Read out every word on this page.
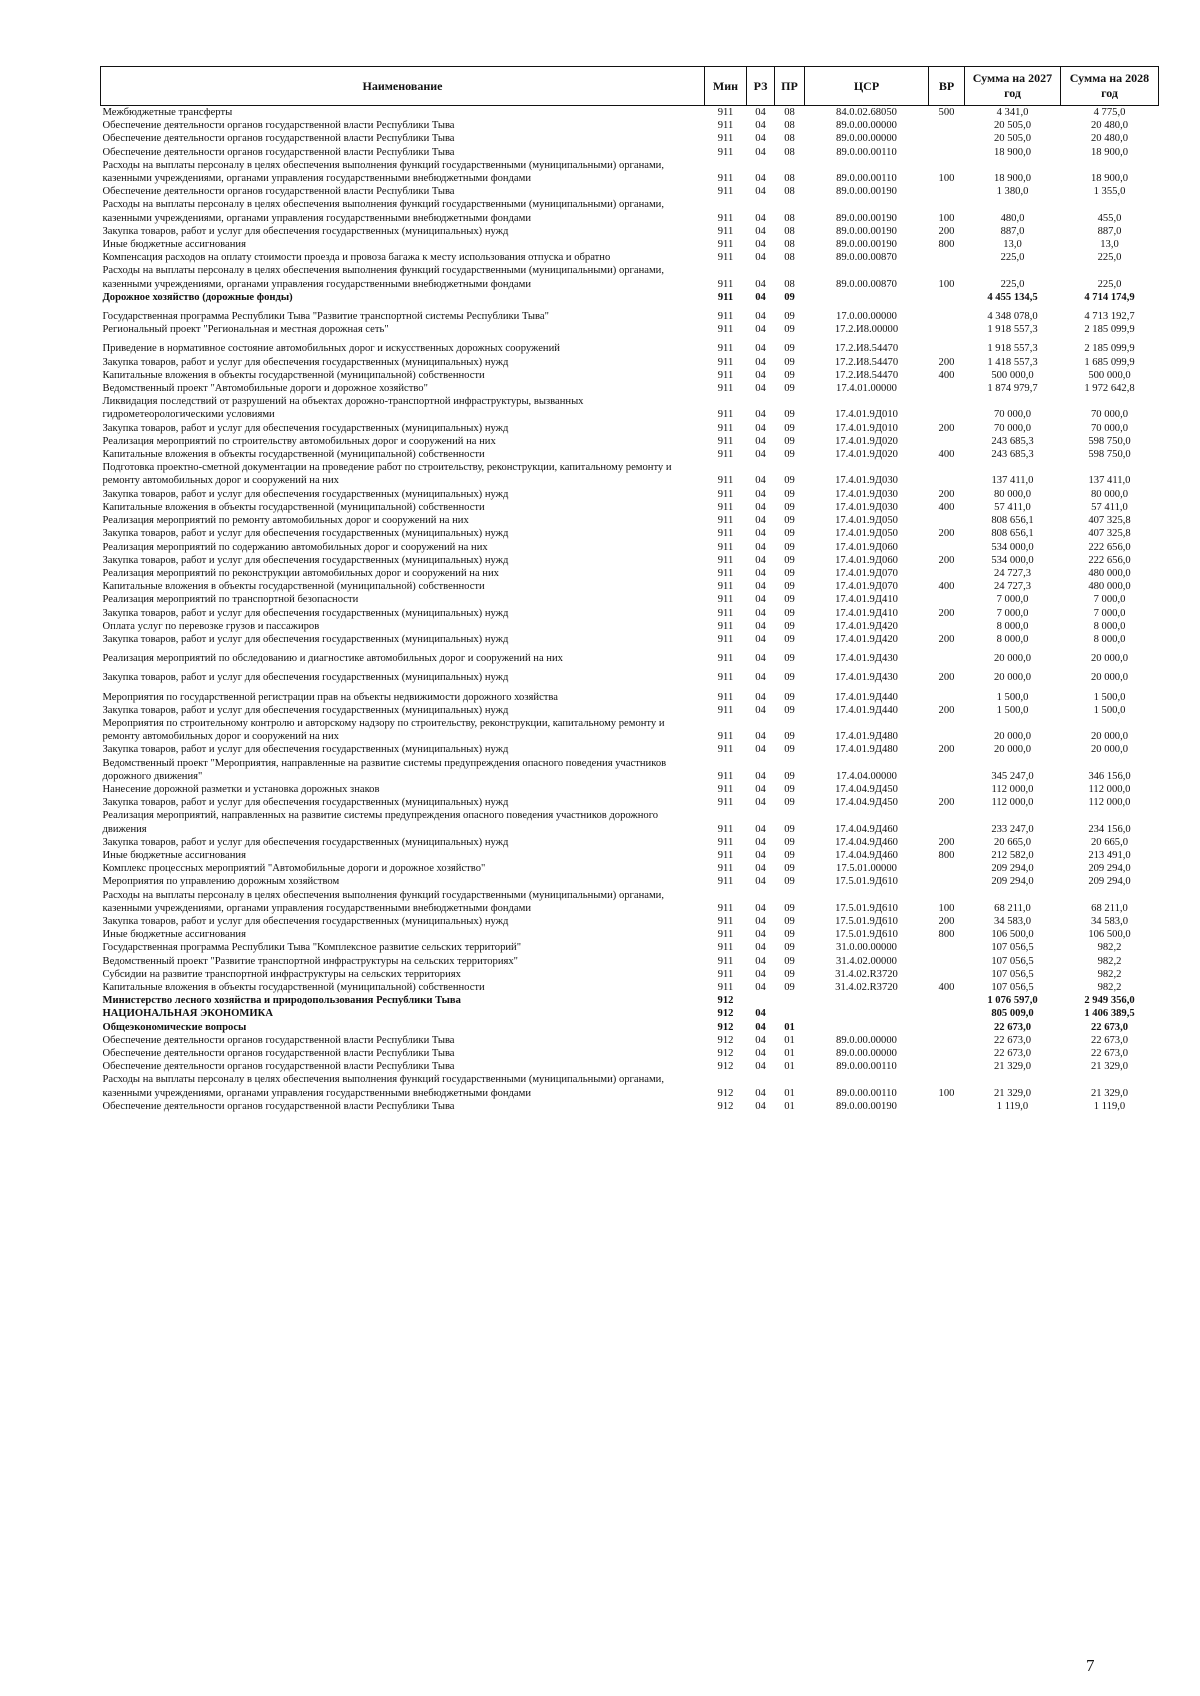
Наименование	Мин	РЗ	ПР	ЦСР	ВР	Сумма на 2027 год	Сумма на 2028 год
Межбюджетные трансферты	911	04	08	84.0.02.68050	500	4 341,0	4 775,0
Обеспечение деятельности органов государственной власти Республики Тыва	911	04	08	89.0.00.00000		20 505,0	20 480,0
Обеспечение деятельности органов государственной власти Республики Тыва	911	04	08	89.0.00.00000		20 505,0	20 480,0
Обеспечение деятельности органов государственной власти Республики Тыва	911	04	08	89.0.00.00110		18 900,0	18 900,0
Расходы на выплаты персоналу в целях обеспечения выполнения функций государственными (муниципальными) органами, казенными учреждениями, органами управления государственными внебюджетными фондами	911	04	08	89.0.00.00110	100	18 900,0	18 900,0
Обеспечение деятельности органов государственной власти Республики Тыва	911	04	08	89.0.00.00190		1 380,0	1 355,0
Расходы на выплаты персоналу в целях обеспечения выполнения функций государственными (муниципальными) органами, казенными учреждениями, органами управления государственными внебюджетными фондами	911	04	08	89.0.00.00190	100	480,0	455,0
Закупка товаров, работ и услуг для обеспечения государственных (муниципальных) нужд	911	04	08	89.0.00.00190	200	887,0	887,0
Иные бюджетные ассигнования	911	04	08	89.0.00.00190	800	13,0	13,0
Компенсация расходов на оплату стоимости проезда и провоза багажа к месту использования отпуска и обратно	911	04	08	89.0.00.00870		225,0	225,0
Расходы на выплаты персоналу в целях обеспечения выполнения функций государственными (муниципальными) органами, казенными учреждениями, органами управления государственными внебюджетными фондами	911	04	08	89.0.00.00870	100	225,0	225,0
Дорожное хозяйство (дорожные фонды)	911	04	09			4 455 134,5	4 714 174,9
Государственная программа Республики Тыва "Развитие транспортной системы Республики Тыва"	911	04	09	17.0.00.00000		4 348 078,0	4 713 192,7
Региональный проект "Региональная и местная дорожная сеть"	911	04	09	17.2.И8.00000		1 918 557,3	2 185 099,9
Приведение в нормативное состояние автомобильных дорог и искусственных дорожных сооружений	911	04	09	17.2.И8.54470		1 918 557,3	2 185 099,9
Закупка товаров, работ и услуг для обеспечения государственных (муниципальных) нужд	911	04	09	17.2.И8.54470	200	1 418 557,3	1 685 099,9
Капитальные вложения в объекты государственной (муниципальной) собственности	911	04	09	17.2.И8.54470	400	500 000,0	500 000,0
Ведомственный проект "Автомобильные дороги и дорожное хозяйство"	911	04	09	17.4.01.00000		1 874 979,7	1 972 642,8
Ликвидация последствий от разрушений на объектах дорожно-транспортной инфраструктуры, вызванных гидрометеорологическими условиями	911	04	09	17.4.01.9Д010		70 000,0	70 000,0
Закупка товаров, работ и услуг для обеспечения государственных (муниципальных) нужд	911	04	09	17.4.01.9Д010	200	70 000,0	70 000,0
Реализация мероприятий по строительству автомобильных дорог и сооружений на них	911	04	09	17.4.01.9Д020		243 685,3	598 750,0
Капитальные вложения в объекты государственной (муниципальной) собственности	911	04	09	17.4.01.9Д020	400	243 685,3	598 750,0
Подготовка проектно-сметной документации на проведение работ по строительству, реконструкции, капитальному ремонту и ремонту автомобильных дорог и сооружений на них	911	04	09	17.4.01.9Д030		137 411,0	137 411,0
Закупка товаров, работ и услуг для обеспечения государственных (муниципальных) нужд	911	04	09	17.4.01.9Д030	200	80 000,0	80 000,0
Капитальные вложения в объекты государственной (муниципальной) собственности	911	04	09	17.4.01.9Д030	400	57 411,0	57 411,0
Реализация мероприятий по ремонту автомобильных дорог и сооружений на них	911	04	09	17.4.01.9Д050		808 656,1	407 325,8
Закупка товаров, работ и услуг для обеспечения государственных (муниципальных) нужд	911	04	09	17.4.01.9Д050	200	808 656,1	407 325,8
Реализация мероприятий по содержанию автомобильных дорог и сооружений на них	911	04	09	17.4.01.9Д060		534 000,0	222 656,0
Закупка товаров, работ и услуг для обеспечения государственных (муниципальных) нужд	911	04	09	17.4.01.9Д060	200	534 000,0	222 656,0
Реализация мероприятий по реконструкции автомобильных дорог и сооружений на них	911	04	09	17.4.01.9Д070		24 727,3	480 000,0
Капитальные вложения в объекты государственной (муниципальной) собственности	911	04	09	17.4.01.9Д070	400	24 727,3	480 000,0
Реализация мероприятий по транспортной безопасности	911	04	09	17.4.01.9Д410		7 000,0	7 000,0
Закупка товаров, работ и услуг для обеспечения государственных (муниципальных) нужд	911	04	09	17.4.01.9Д410	200	7 000,0	7 000,0
Оплата услуг по перевозке грузов и пассажиров	911	04	09	17.4.01.9Д420		8 000,0	8 000,0
Закупка товаров, работ и услуг для обеспечения государственных (муниципальных) нужд	911	04	09	17.4.01.9Д420	200	8 000,0	8 000,0
Реализация мероприятий по обследованию и диагностике автомобильных дорог и сооружений на них	911	04	09	17.4.01.9Д430		20 000,0	20 000,0
Закупка товаров, работ и услуг для обеспечения государственных (муниципальных) нужд	911	04	09	17.4.01.9Д430	200	20 000,0	20 000,0
Мероприятия по государственной регистрации прав на объекты недвижимости дорожного хозяйства	911	04	09	17.4.01.9Д440		1 500,0	1 500,0
Закупка товаров, работ и услуг для обеспечения государственных (муниципальных) нужд	911	04	09	17.4.01.9Д440	200	1 500,0	1 500,0
Мероприятия по строительному контролю и авторскому надзору по строительству, реконструкции, капитальному ремонту и ремонту автомобильных дорог и сооружений на них	911	04	09	17.4.01.9Д480		20 000,0	20 000,0
Закупка товаров, работ и услуг для обеспечения государственных (муниципальных) нужд	911	04	09	17.4.01.9Д480	200	20 000,0	20 000,0
Ведомственный проект "Мероприятия, направленные на развитие системы предупреждения опасного поведения участников дорожного движения"	911	04	09	17.4.04.00000		345 247,0	346 156,0
Нанесение дорожной разметки и установка дорожных знаков	911	04	09	17.4.04.9Д450		112 000,0	112 000,0
Закупка товаров, работ и услуг для обеспечения государственных (муниципальных) нужд	911	04	09	17.4.04.9Д450	200	112 000,0	112 000,0
Реализация мероприятий, направленных на развитие системы предупреждения опасного поведения участников дорожного движения	911	04	09	17.4.04.9Д460		233 247,0	234 156,0
Закупка товаров, работ и услуг для обеспечения государственных (муниципальных) нужд	911	04	09	17.4.04.9Д460	200	20 665,0	20 665,0
Иные бюджетные ассигнования	911	04	09	17.4.04.9Д460	800	212 582,0	213 491,0
Комплекс процессных мероприятий "Автомобильные дороги и дорожное хозяйство"	911	04	09	17.5.01.00000		209 294,0	209 294,0
Мероприятия по управлению дорожным хозяйством	911	04	09	17.5.01.9Д610		209 294,0	209 294,0
Расходы на выплаты персоналу в целях обеспечения выполнения функций государственными (муниципальными) органами, казенными учреждениями, органами управления государственными внебюджетными фондами	911	04	09	17.5.01.9Д610	100	68 211,0	68 211,0
Закупка товаров, работ и услуг для обеспечения государственных (муниципальных) нужд	911	04	09	17.5.01.9Д610	200	34 583,0	34 583,0
Иные бюджетные ассигнования	911	04	09	17.5.01.9Д610	800	106 500,0	106 500,0
Государственная программа Республики Тыва "Комплексное развитие сельских территорий"	911	04	09	31.0.00.00000		107 056,5	982,2
Ведомственный проект "Развитие транспортной инфраструктуры на сельских территориях"	911	04	09	31.4.02.00000		107 056,5	982,2
Субсидии на развитие транспортной инфраструктуры на сельских территориях	911	04	09	31.4.02.R3720		107 056,5	982,2
Капитальные вложения в объекты государственной (муниципальной) собственности	911	04	09	31.4.02.R3720	400	107 056,5	982,2
Министерство лесного хозяйства и природопользования Республики Тыва	912					1 076 597,0	2 949 356,0
НАЦИОНАЛЬНАЯ ЭКОНОМИКА	912	04				805 009,0	1 406 389,5
Общеэкономические вопросы	912	04	01			22 673,0	22 673,0
Обеспечение деятельности органов государственной власти Республики Тыва	912	04	01	89.0.00.00000		22 673,0	22 673,0
Обеспечение деятельности органов государственной власти Республики Тыва	912	04	01	89.0.00.00000		22 673,0	22 673,0
Обеспечение деятельности органов государственной власти Республики Тыва	912	04	01	89.0.00.00110		21 329,0	21 329,0
Расходы на выплаты персоналу в целях обеспечения выполнения функций государственными (муниципальными) органами, казенными учреждениями, органами управления государственными внебюджетными фондами	912	04	01	89.0.00.00110	100	21 329,0	21 329,0
Обеспечение деятельности органов государственной власти Республики Тыва	912	04	01	89.0.00.00190		1 119,0	1 119,0
7
